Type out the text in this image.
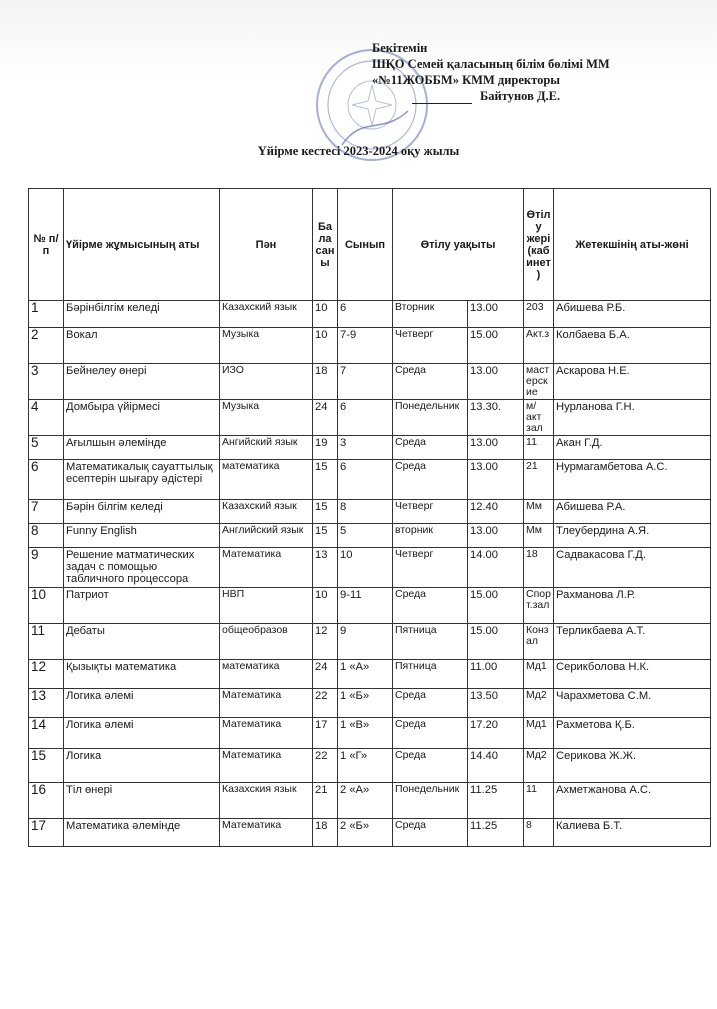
Бекітемін
ШҚО Семей қаласының білім бөлімі ММ
«№11ЖОББМ» КММ директоры
Байтунов Д.Е.
Үйірме кестесі 2023-2024 оқу жылы
№ п/п	Үйірме жұмысының аты	Пән	Бала саны	Сынып	Өтілу уақыты		Өтілу жері (кабинет)	Жетекшінің аты-жөні
1	Бәрінбілгім келеді	Казахский язык	10	6	Вторник	13.00	203	Абишева Р.Б.
2	Вокал	Музыка	10	7-9	Четверг	15.00	Акт.з	Колбаева Б.А.
3	Бейнелеу өнері	ИЗО	18	7	Среда	13.00	мастерские	Аскарова Н.Е.
4	Домбыра үйірмесі	Музыка	24	6	Понедельник	13.30.	м/акт зал	Нурланова Г.Н.
5	Ағылшын әлемінде	Ангийский язык	19	3	Среда	13.00	11	Акан Г.Д.
6	Математикалық сауаттылық есептерін шығару әдістері	математика	15	6	Среда	13.00	21	Нурмагамбетова А.С.
7	Бәрін білгім келеді	Казахский язык	15	8	Четверг	12.40	Мм	Абишева Р.А.
8	Funny English	Английский язык	15	5	вторник	13.00	Мм	Тлеубердина А.Я.
9	Решение матматических задач с помощью табличного процессора	Математика	13	10	Четверг	14.00	18	Садвакасова Г.Д.
10	Патриот	НВП	10	9-11	Среда	15.00	Спорт.зал	Рахманова Л.Р.
11	Дебаты	общеобразов	12	9	Пятница	15.00	Конзал	Терликбаева А.Т.
12	Қызықты математика	математика	24	1 «А»	Пятница	11.00	Мд1	Серикболова Н.К.
13	Логика әлемі	Математика	22	1 «Б»	Среда	13.50	Мд2	Чарахметова С.М.
14	Логика әлемі	Математика	17	1 «В»	Среда	17.20	Мд1	Рахметова Қ.Б.
15	Логика	Математика	22	1 «Г»	Среда	14.40	Мд2	Серикова Ж.Ж.
16	Тіл өнері	Казахския язык	21	2 «А»	Понедельник	11.25	11	Ахметжанова А.С.
17	Математика әлемінде	Математика	18	2 «Б»	Среда	11.25	8	Калиева Б.Т.
